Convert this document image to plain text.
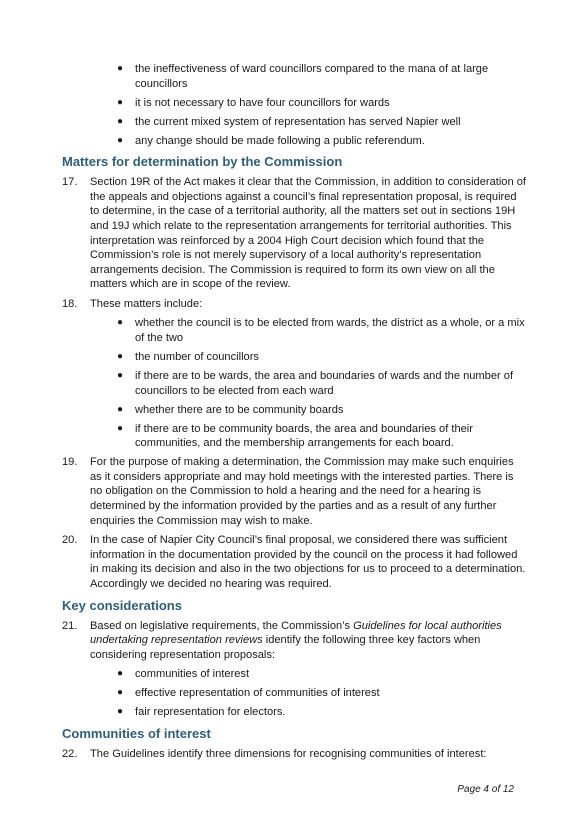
● the ineffectiveness of ward councillors compared to the mana of at large councillors
● it is not necessary to have four councillors for wards
● the current mixed system of representation has served Napier well
● any change should be made following a public referendum.
Matters for determination by the Commission
17. Section 19R of the Act makes it clear that the Commission, in addition to consideration of the appeals and objections against a council’s final representation proposal, is required to determine, in the case of a territorial authority, all the matters set out in sections 19H and 19J which relate to the representation arrangements for territorial authorities. This interpretation was reinforced by a 2004 High Court decision which found that the Commission’s role is not merely supervisory of a local authority’s representation arrangements decision. The Commission is required to form its own view on all the matters which are in scope of the review.
18. These matters include:
● whether the council is to be elected from wards, the district as a whole, or a mix of the two
● the number of councillors
● if there are to be wards, the area and boundaries of wards and the number of councillors to be elected from each ward
● whether there are to be community boards
● if there are to be community boards, the area and boundaries of their communities, and the membership arrangements for each board.
19. For the purpose of making a determination, the Commission may make such enquiries as it considers appropriate and may hold meetings with the interested parties. There is no obligation on the Commission to hold a hearing and the need for a hearing is determined by the information provided by the parties and as a result of any further enquiries the Commission may wish to make.
20. In the case of Napier City Council’s final proposal, we considered there was sufficient information in the documentation provided by the council on the process it had followed in making its decision and also in the two objections for us to proceed to a determination. Accordingly we decided no hearing was required.
Key considerations
21. Based on legislative requirements, the Commission’s Guidelines for local authorities undertaking representation reviews identify the following three key factors when considering representation proposals:
● communities of interest
● effective representation of communities of interest
● fair representation for electors.
Communities of interest
22. The Guidelines identify three dimensions for recognising communities of interest:
Page 4 of 12
